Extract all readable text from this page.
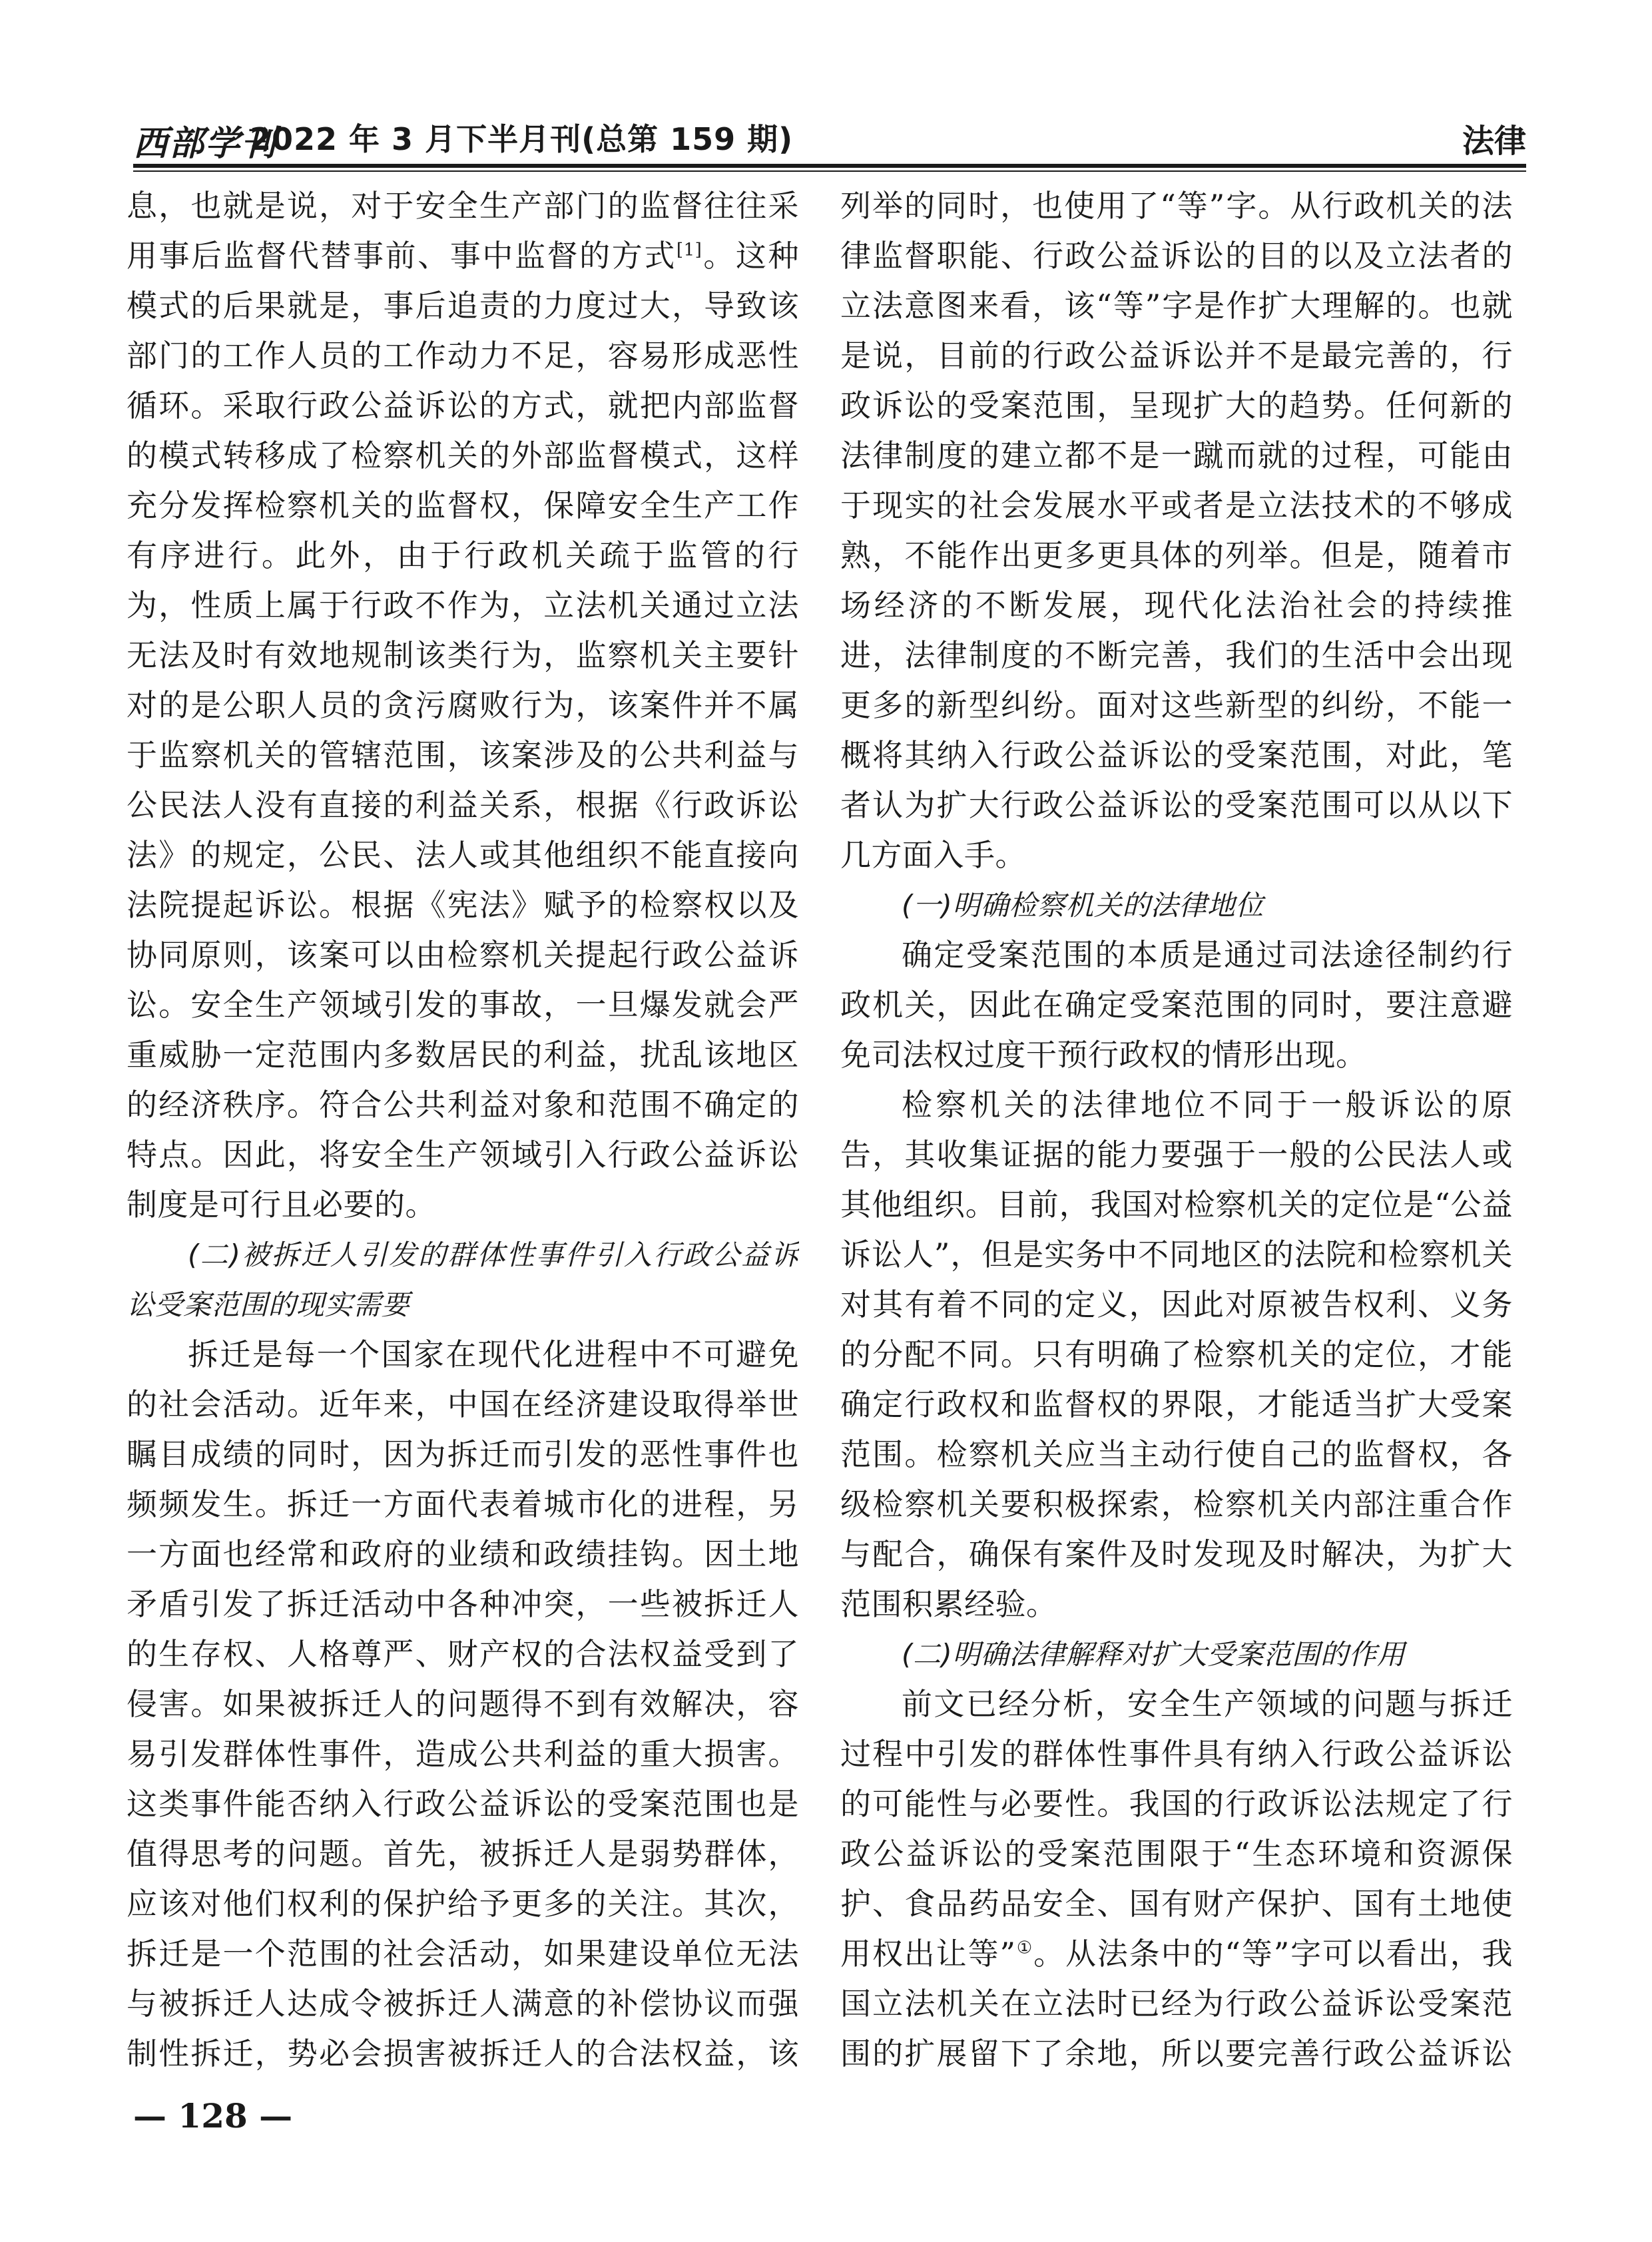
西部学刊
2022 年 3 月下半月刊(总第 159 期)	法律

息，也就是说，对于安全生产部门的监督往往采用事后监督代替事前、事中监督的方式[1]。这种模式的后果就是，事后追责的力度过大，导致该部门的工作人员的工作动力不足，容易形成恶性循环。采取行政公益诉讼的方式，就把内部监督的模式转移成了检察机关的外部监督模式，这样充分发挥检察机关的监督权，保障安全生产工作有序进行。此外，由于行政机关疏于监管的行为，性质上属于行政不作为，立法机关通过立法无法及时有效地规制该类行为，监察机关主要针对的是公职人员的贪污腐败行为，该案件并不属于监察机关的管辖范围，该案涉及的公共利益与公民法人没有直接的利益关系，根据《行政诉讼法》的规定，公民、法人或其他组织不能直接向法院提起诉讼。根据《宪法》赋予的检察权以及协同原则，该案可以由检察机关提起行政公益诉讼。安全生产领域引发的事故，一旦爆发就会严重威胁一定范围内多数居民的利益，扰乱该地区的经济秩序。符合公共利益对象和范围不确定的特点。因此，将安全生产领域引入行政公益诉讼制度是可行且必要的。

(二)被拆迁人引发的群体性事件引入行政公益诉讼受案范围的现实需要

拆迁是每一个国家在现代化进程中不可避免的社会活动。近年来，中国在经济建设取得举世瞩目成绩的同时，因为拆迁而引发的恶性事件也频频发生。拆迁一方面代表着城市化的进程，另一方面也经常和政府的业绩和政绩挂钩。因土地矛盾引发了拆迁活动中各种冲突，一些被拆迁人的生存权、人格尊严、财产权的合法权益受到了侵害。如果被拆迁人的问题得不到有效解决，容易引发群体性事件，造成公共利益的重大损害。这类事件能否纳入行政公益诉讼的受案范围也是值得思考的问题。首先，被拆迁人是弱势群体，应该对他们权利的保护给予更多的关注。其次，拆迁是一个范围的社会活动，如果建设单位无法与被拆迁人达成令被拆迁人满意的补偿协议而强制性拆迁，势必会损害被拆迁人的合法权益，该

列举的同时，也使用了“等”字。从行政机关的法律监督职能、行政公益诉讼的目的以及立法者的立法意图来看，该“等”字是作扩大理解的。也就是说，目前的行政公益诉讼并不是最完善的，行政诉讼的受案范围，呈现扩大的趋势。任何新的法律制度的建立都不是一蹴而就的过程，可能由于现实的社会发展水平或者是立法技术的不够成熟，不能作出更多更具体的列举。但是，随着市场经济的不断发展，现代化法治社会的持续推进，法律制度的不断完善，我们的生活中会出现更多的新型纠纷。面对这些新型的纠纷，不能一概将其纳入行政公益诉讼的受案范围，对此，笔者认为扩大行政公益诉讼的受案范围可以从以下几方面入手。

(一)明确检察机关的法律地位

确定受案范围的本质是通过司法途径制约行政机关，因此在确定受案范围的同时，要注意避免司法权过度干预行政权的情形出现。

检察机关的法律地位不同于一般诉讼的原告，其收集证据的能力要强于一般的公民法人或其他组织。目前，我国对检察机关的定位是“公益诉讼人”，但是实务中不同地区的法院和检察机关对其有着不同的定义，因此对原被告权利、义务的分配不同。只有明确了检察机关的定位，才能确定行政权和监督权的界限，才能适当扩大受案范围。检察机关应当主动行使自己的监督权，各级检察机关要积极探索，检察机关内部注重合作与配合，确保有案件及时发现及时解决，为扩大范围积累经验。

(二)明确法律解释对扩大受案范围的作用

前文已经分析，安全生产领域的问题与拆迁过程中引发的群体性事件具有纳入行政公益诉讼的可能性与必要性。我国的行政诉讼法规定了行政公益诉讼的受案范围限于“生态环境和资源保护、食品药品安全、国有财产保护、国有土地使用权出让等”①。从法条中的“等”字可以看出，我国立法机关在立法时已经为行政公益诉讼受案范围的扩展留下了余地，所以要完善行政公益诉讼

— 128 —
